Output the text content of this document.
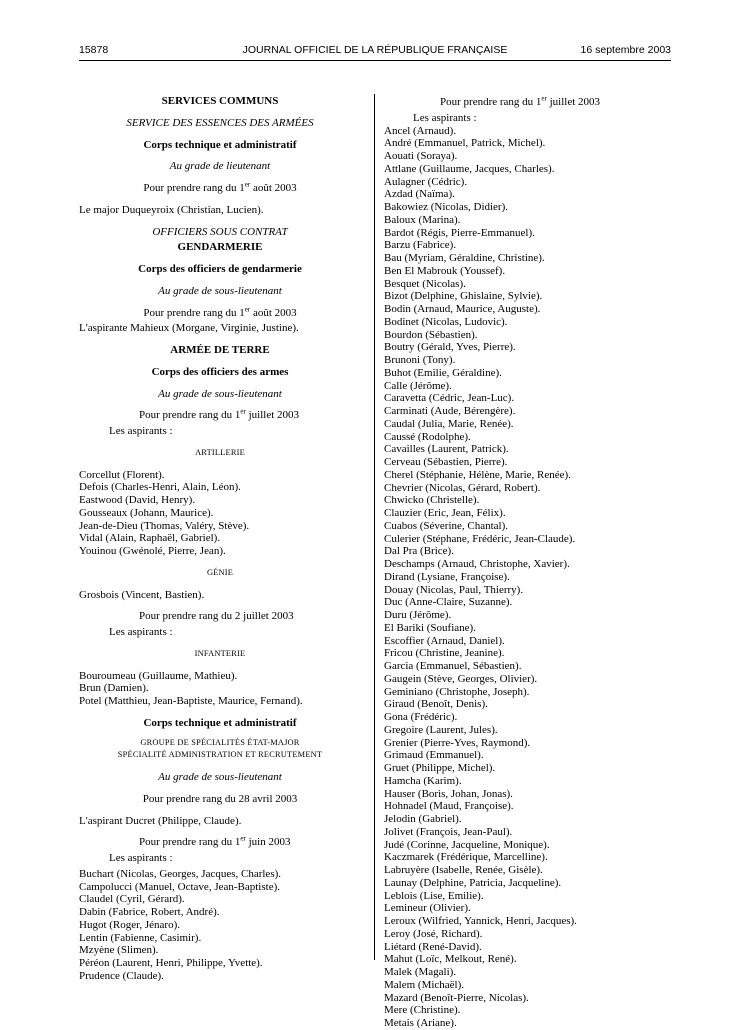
15878	JOURNAL OFFICIEL DE LA RÉPUBLIQUE FRANÇAISE	16 septembre 2003
SERVICES COMMUNS
SERVICE DES ESSENCES DES ARMÉES
Corps technique et administratif
Au grade de lieutenant
Pour prendre rang du 1er août 2003
Le major Duqueyroix (Christian, Lucien).
OFFICIERS SOUS CONTRAT
GENDARMERIE
Corps des officiers de gendarmerie
Au grade de sous-lieutenant
Pour prendre rang du 1er août 2003
L'aspirante Mahieux (Morgane, Virginie, Justine).
ARMÉE DE TERRE
Corps des officiers des armes
Au grade de sous-lieutenant
Pour prendre rang du 1er juillet 2003
Les aspirants :
ARTILLERIE
Corcellut (Florent).
Defois (Charles-Henri, Alain, Léon).
Eastwood (David, Henry).
Gousseaux (Johann, Maurice).
Jean-de-Dieu (Thomas, Valéry, Stève).
Vidal (Alain, Raphaël, Gabriel).
Youinou (Gwénolé, Pierre, Jean).
GÉNIE
Grosbois (Vincent, Bastien).
Pour prendre rang du 2 juillet 2003
Les aspirants :
INFANTERIE
Bouroumeau (Guillaume, Mathieu).
Brun (Damien).
Potel (Matthieu, Jean-Baptiste, Maurice, Fernand).
Corps technique et administratif
GROUPE DE SPÉCIALITÉS ÉTAT-MAJOR
SPÉCIALITÉ ADMINISTRATION ET RECRUTEMENT
Au grade de sous-lieutenant
Pour prendre rang du 28 avril 2003
L'aspirant Ducret (Philippe, Claude).
Pour prendre rang du 1er juin 2003
Les aspirants :
Buchart (Nicolas, Georges, Jacques, Charles).
Campolucci (Manuel, Octave, Jean-Baptiste).
Claudel (Cyril, Gérard).
Dabin (Fabrice, Robert, André).
Hugot (Roger, Jénaro).
Lentin (Fabienne, Casimir).
Mzyène (Slimen).
Péréon (Laurent, Henri, Philippe, Yvette).
Prudence (Claude).
Pour prendre rang du 1er juillet 2003
Les aspirants :
Ancel (Arnaud).
André (Emmanuel, Patrick, Michel).
Aouati (Soraya).
Attlane (Guillaume, Jacques, Charles).
Aulagner (Cédric).
Azdad (Naïma).
Bakowiez (Nicolas, Didier).
Baloux (Marina).
Bardot (Régis, Pierre-Emmanuel).
Barzu (Fabrice).
Bau (Myriam, Géraldine, Christine).
Ben El Mabrouk (Youssef).
Besquet (Nicolas).
Bizot (Delphine, Ghislaine, Sylvie).
Bodin (Arnaud, Maurice, Auguste).
Bodinet (Nicolas, Ludovic).
Bourdon (Sébastien).
Boutry (Gérald, Yves, Pierre).
Brunoni (Tony).
Buhot (Emilie, Géraldine).
Calle (Jérôme).
Caravetta (Cédric, Jean-Luc).
Carminati (Aude, Bérengère).
Caudal (Julia, Marie, Renée).
Caussé (Rodolphe).
Cavailles (Laurent, Patrick).
Cerveau (Sébastien, Pierre).
Cherel (Stéphanie, Hélène, Marie, Renée).
Chevrier (Nicolas, Gérard, Robert).
Chwicko (Christelle).
Clauzier (Eric, Jean, Félix).
Cuabos (Séverine, Chantal).
Culerier (Stéphane, Frédéric, Jean-Claude).
Dal Pra (Brice).
Deschamps (Arnaud, Christophe, Xavier).
Dirand (Lysiane, Françoise).
Douay (Nicolas, Paul, Thierry).
Duc (Anne-Claire, Suzanne).
Duru (Jérôme).
El Bariki (Soufiane).
Escoffier (Arnaud, Daniel).
Fricou (Christine, Jeanine).
Garcia (Emmanuel, Sébastien).
Gaugein (Stève, Georges, Olivier).
Geminiano (Christophe, Joseph).
Giraud (Benoît, Denis).
Gona (Frédéric).
Gregoire (Laurent, Jules).
Grenier (Pierre-Yves, Raymond).
Grimaud (Emmanuel).
Gruet (Philippe, Michel).
Hamcha (Karim).
Hauser (Boris, Johan, Jonas).
Hohnadel (Maud, Françoise).
Jelodin (Gabriel).
Jolivet (François, Jean-Paul).
Judé (Corinne, Jacqueline, Monique).
Kaczmarek (Frédérique, Marcelline).
Labruyère (Isabelle, Renée, Gisèle).
Launay (Delphine, Patricia, Jacqueline).
Leblois (Lise, Emilie).
Lemineur (Olivier).
Leroux (Wilfried, Yannick, Henri, Jacques).
Leroy (José, Richard).
Liétard (René-David).
Mahut (Loïc, Melkout, René).
Malek (Magali).
Malem (Michaël).
Mazard (Benoît-Pierre, Nicolas).
Mere (Christine).
Metais (Ariane).
